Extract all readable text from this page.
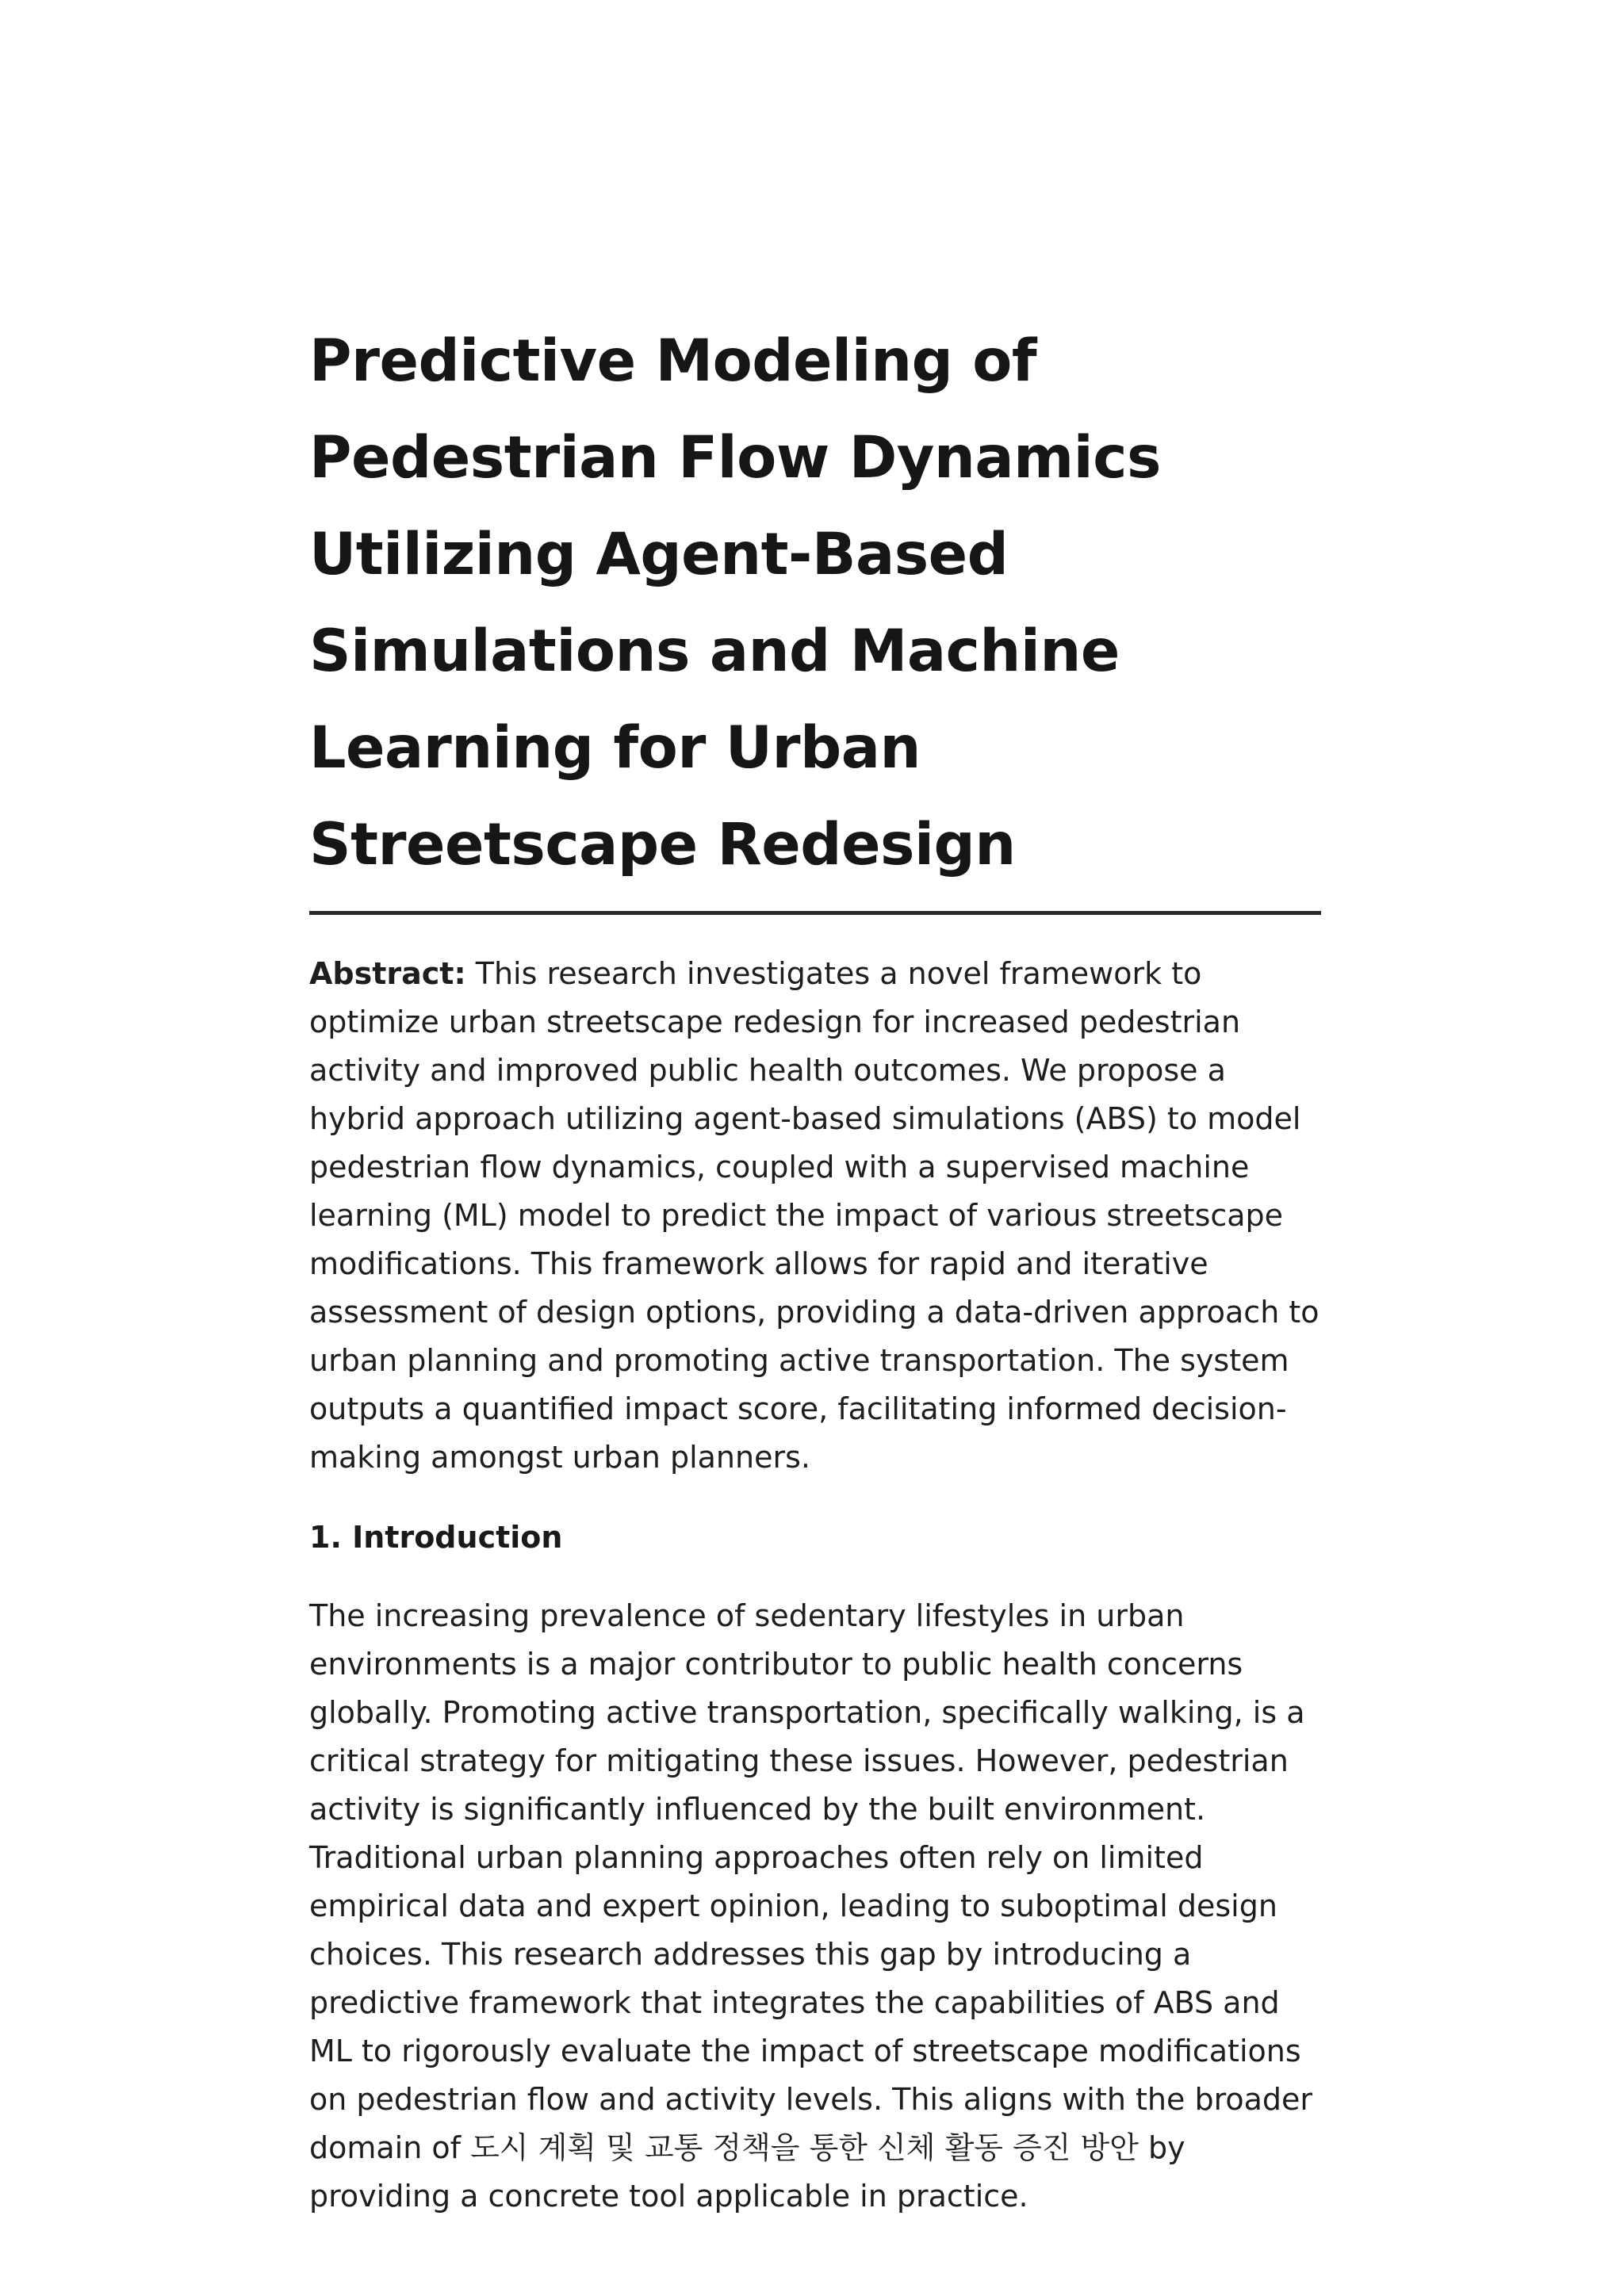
Predictive Modeling of Pedestrian Flow Dynamics Utilizing Agent-Based Simulations and Machine Learning for Urban Streetscape Redesign

Abstract: This research investigates a novel framework to optimize urban streetscape redesign for increased pedestrian activity and improved public health outcomes. We propose a hybrid approach utilizing agent-based simulations (ABS) to model pedestrian flow dynamics, coupled with a supervised machine learning (ML) model to predict the impact of various streetscape modifications. This framework allows for rapid and iterative assessment of design options, providing a data-driven approach to urban planning and promoting active transportation. The system outputs a quantified impact score, facilitating informed decision-making amongst urban planners.

1. Introduction

The increasing prevalence of sedentary lifestyles in urban environments is a major contributor to public health concerns globally. Promoting active transportation, specifically walking, is a critical strategy for mitigating these issues. However, pedestrian activity is significantly influenced by the built environment. Traditional urban planning approaches often rely on limited empirical data and expert opinion, leading to suboptimal design choices. This research addresses this gap by introducing a predictive framework that integrates the capabilities of ABS and ML to rigorously evaluate the impact of streetscape modifications on pedestrian flow and activity levels. This aligns with the broader domain of 도시 계획 및 교통 정책을 통한 신체 활동 증진 방안 by providing a concrete tool applicable in practice.
